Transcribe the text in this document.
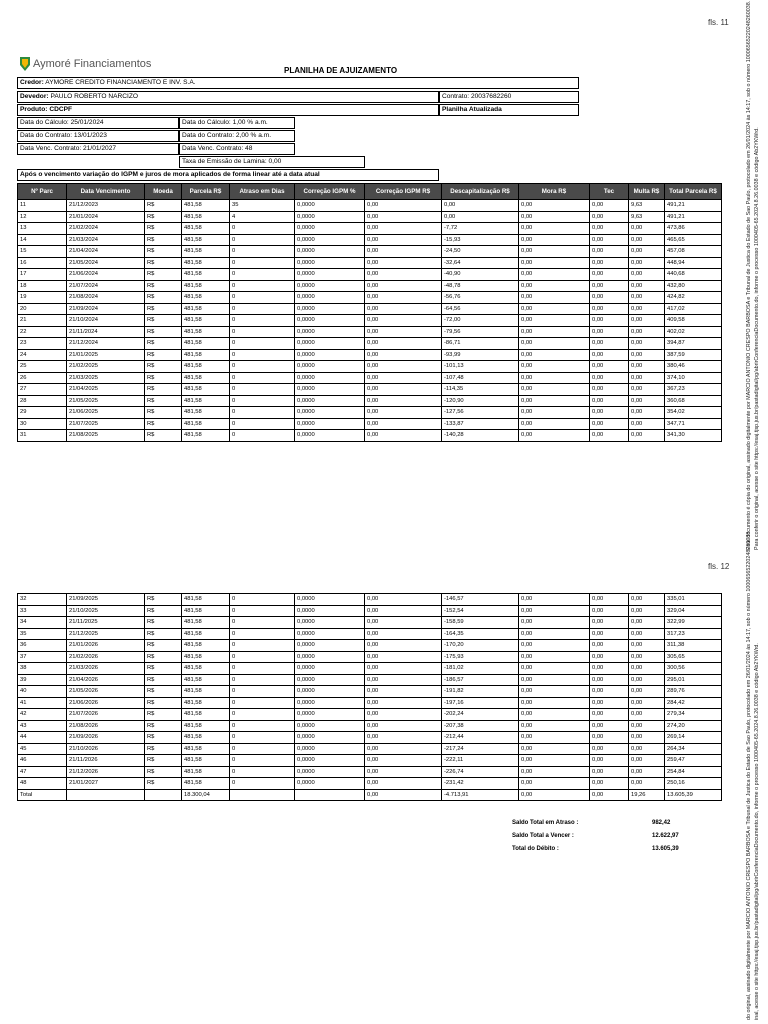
fls. 11
Aymoré Financiamentos
PLANILHA DE AJUIZAMENTO
Credor: AYMORE CREDITO FINANCIAMENTO E INV. S.A.
Devedor: PAULO ROBERTO NARCIZO	Contrato: 20037682260
Produto: CDCPF	Planilha Atualizada
Data do Cálculo: 25/01/2024
Data do Contrato: 13/01/2023
Data Venc. Contrato: 21/01/2027
Data do Cálculo: 1,00 % a.m.
Data do Contrato: 2,00 % a.m.
Data Venc. Contrato: 48
Taxa de Emissão de Lamina: 0,00
Após o vencimento variação do IGPM e juros de mora aplicados de forma linear até a data atual
Nº Parc	Data Vencimento	Moeda	Parcela R$	Atraso em Dias	Correção IGPM %	Correção IGPM R$	Descapitalização R$	Mora R$	Tec	Multa R$	Total Parcela R$
11	21/12/2023	R$	481,58	35	0,0000	0,00	0,00	0,00	0,00	9,63	491,21
12	21/01/2024	R$	481,58	4	0,0000	0,00	0,00	0,00	0,00	9,63	491,21
13	21/02/2024	R$	481,58	0	0,0000	0,00	-7,72	0,00	0,00	0,00	473,86
14	21/03/2024	R$	481,58	0	0,0000	0,00	-15,93	0,00	0,00	0,00	465,65
15	21/04/2024	R$	481,58	0	0,0000	0,00	-24,50	0,00	0,00	0,00	457,08
16	21/05/2024	R$	481,58	0	0,0000	0,00	-32,64	0,00	0,00	0,00	448,94
17	21/06/2024	R$	481,58	0	0,0000	0,00	-40,90	0,00	0,00	0,00	440,68
18	21/07/2024	R$	481,58	0	0,0000	0,00	-48,78	0,00	0,00	0,00	432,80
19	21/08/2024	R$	481,58	0	0,0000	0,00	-56,76	0,00	0,00	0,00	424,82
20	21/09/2024	R$	481,58	0	0,0000	0,00	-64,56	0,00	0,00	0,00	417,02
21	21/10/2024	R$	481,58	0	0,0000	0,00	-72,00	0,00	0,00	0,00	409,58
22	21/11/2024	R$	481,58	0	0,0000	0,00	-79,56	0,00	0,00	0,00	402,02
23	21/12/2024	R$	481,58	0	0,0000	0,00	-86,71	0,00	0,00	0,00	394,87
24	21/01/2025	R$	481,58	0	0,0000	0,00	-93,99	0,00	0,00	0,00	387,59
25	21/02/2025	R$	481,58	0	0,0000	0,00	-101,13	0,00	0,00	0,00	380,46
26	21/03/2025	R$	481,58	0	0,0000	0,00	-107,48	0,00	0,00	0,00	374,10
27	21/04/2025	R$	481,58	0	0,0000	0,00	-114,35	0,00	0,00	0,00	367,23
28	21/05/2025	R$	481,58	0	0,0000	0,00	-120,90	0,00	0,00	0,00	360,68
29	21/06/2025	R$	481,58	0	0,0000	0,00	-127,56	0,00	0,00	0,00	354,02
30	21/07/2025	R$	481,58	0	0,0000	0,00	-133,87	0,00	0,00	0,00	347,71
31	21/08/2025	R$	481,58	0	0,0000	0,00	-140,28	0,00	0,00	0,00	341,30
fls. 12
32	21/09/2025	R$	481,58	0	0,0000	0,00	-146,57	0,00	0,00	0,00	335,01
33	21/10/2025	R$	481,58	0	0,0000	0,00	-152,54	0,00	0,00	0,00	329,04
34	21/11/2025	R$	481,58	0	0,0000	0,00	-158,59	0,00	0,00	0,00	322,99
35	21/12/2025	R$	481,58	0	0,0000	0,00	-164,35	0,00	0,00	0,00	317,23
36	21/01/2026	R$	481,58	0	0,0000	0,00	-170,20	0,00	0,00	0,00	311,38
37	21/02/2026	R$	481,58	0	0,0000	0,00	-175,93	0,00	0,00	0,00	305,65
38	21/03/2026	R$	481,58	0	0,0000	0,00	-181,02	0,00	0,00	0,00	300,56
39	21/04/2026	R$	481,58	0	0,0000	0,00	-186,57	0,00	0,00	0,00	295,01
40	21/05/2026	R$	481,58	0	0,0000	0,00	-191,82	0,00	0,00	0,00	289,76
41	21/06/2026	R$	481,58	0	0,0000	0,00	-197,16	0,00	0,00	0,00	284,42
42	21/07/2026	R$	481,58	0	0,0000	0,00	-202,24	0,00	0,00	0,00	279,34
43	21/08/2026	R$	481,58	0	0,0000	0,00	-207,38	0,00	0,00	0,00	274,20
44	21/09/2026	R$	481,58	0	0,0000	0,00	-212,44	0,00	0,00	0,00	269,14
45	21/10/2026	R$	481,58	0	0,0000	0,00	-217,24	0,00	0,00	0,00	264,34
46	21/11/2026	R$	481,58	0	0,0000	0,00	-222,11	0,00	0,00	0,00	259,47
47	21/12/2026	R$	481,58	0	0,0000	0,00	-226,74	0,00	0,00	0,00	254,84
48	21/01/2027	R$	481,58	0	0,0000	0,00	-231,42	0,00	0,00	0,00	250,16
Total			18.300,04			0,00	-4.713,91	0,00	0,00	19,26	13.605,39
Saldo Total em Atraso :	982,42
Saldo Total a Vencer :	12.622,97
Total do Débito :	13.605,39
Este documento é cópia do original, assinado digitalmente por MARCIO ANTONIO CRESPO BARBOSA e Tribunal de Justica do Estado de Sao Paulo, protocolado em 26/01/2024 às 14:17, sob o número 10006565220248260038. Para conferir o original, acesse o site https://esaj.tjsp.jus.br/pastadigital/pg/abrirConferenciaDocumento.do, informe o processo 1000405-65.2024.8.26.0038 e código Ab2YKWrd.
do original, assinado digitalmente por MARCIO ANTONIO CRESPO BARBOSA e Tribunal de Justica do Estado de Sao Paulo, protocolado em 26/01/2024 às 14:17, sob o número 10006565220248260038. inal, acesse o site https://esaj.tjsp.jus.br/pastadigital/pg/abrirConferenciaDocumento.do, informe o processo 1000405-65.2024.8.26.0038 e código Ab2YKWrd.
